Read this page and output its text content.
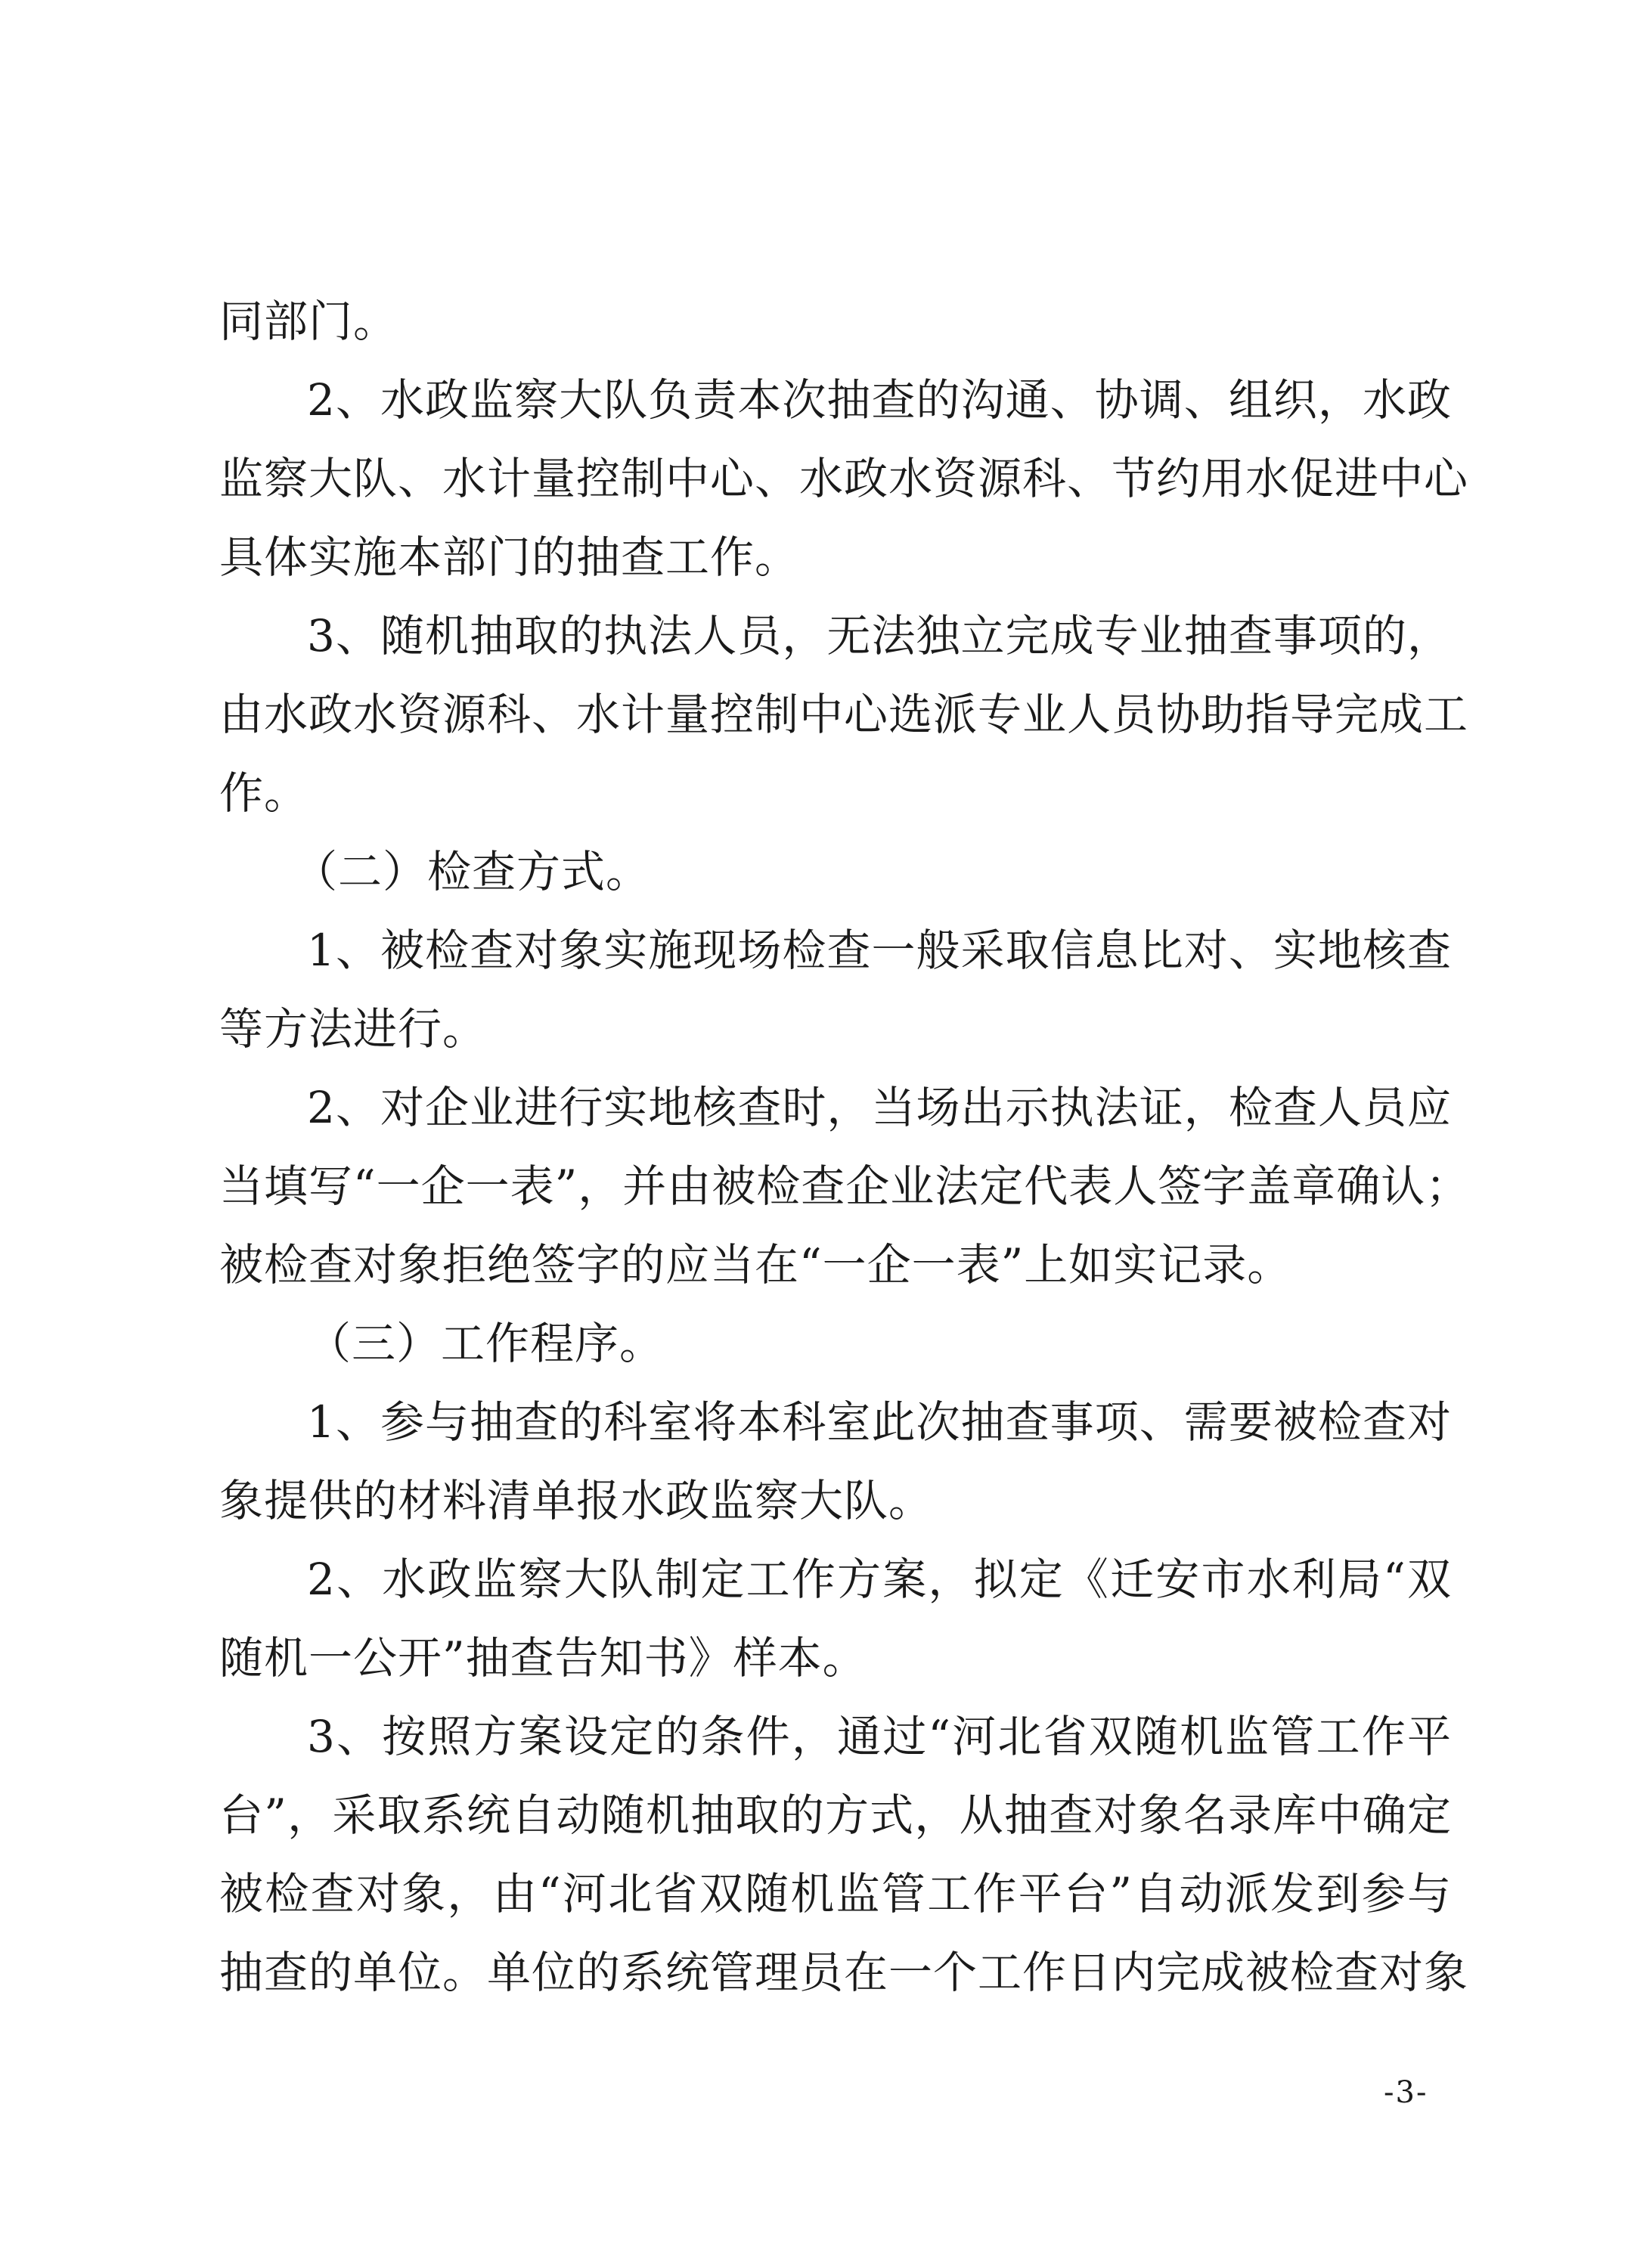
同部门。
2、水政监察大队负责本次抽查的沟通、协调、组织，水政
监察大队、水计量控制中心、水政水资源科、节约用水促进中心
具体实施本部门的抽查工作。
3、随机抽取的执法人员，无法独立完成专业抽查事项的，
由水政水资源科、水计量控制中心选派专业人员协助指导完成工
作。
（二）检查方式。
1、被检查对象实施现场检查一般采取信息比对、实地核查
等方法进行。
2、对企业进行实地核查时，当场出示执法证，检查人员应
当填写“一企一表”，并由被检查企业法定代表人签字盖章确认；
被检查对象拒绝签字的应当在“一企一表”上如实记录。
（三）工作程序。
1、参与抽查的科室将本科室此次抽查事项、需要被检查对
象提供的材料清单报水政监察大队。
2、水政监察大队制定工作方案，拟定《迁安市水利局“双
随机一公开”抽查告知书》样本。
3、按照方案设定的条件，通过“河北省双随机监管工作平
台”，采取系统自动随机抽取的方式，从抽查对象名录库中确定
被检查对象，由“河北省双随机监管工作平台”自动派发到参与
抽查的单位。单位的系统管理员在一个工作日内完成被检查对象
-3-
